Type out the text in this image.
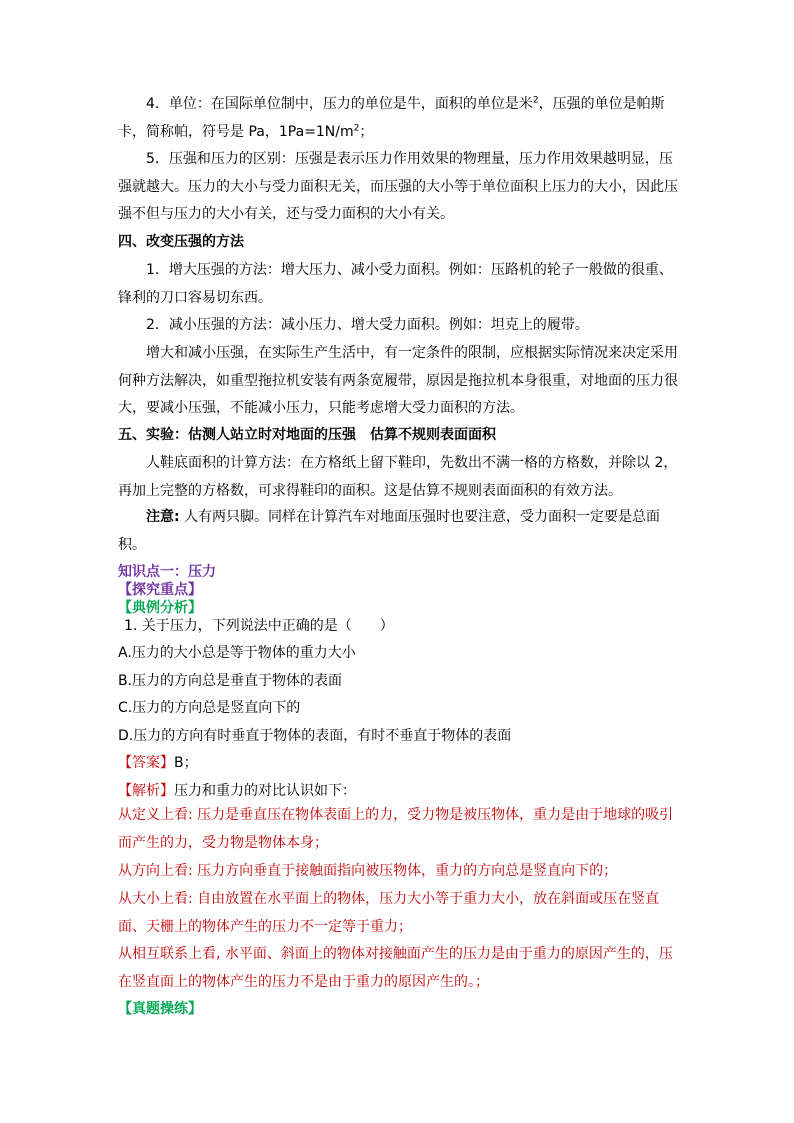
4．单位：在国际单位制中，压力的单位是牛，面积的单位是米$^2$，压强的单位是帕斯卡，简称帕，符号是 Pa，$1Pa=1N/m^2$；

5．压强和压力的区别：压强是表示压力作用效果的物理量，压力作用效果越明显，压强就越大。压力的大小与受力面积无关，而压强的大小等于单位面积上压力的大小，因此压强不但与压力的大小有关，还与受力面积的大小有关。

四、改变压强的方法

1．增大压强的方法：增大压力、减小受力面积。例如：压路机的轮子一般做的很重、锋利的刀口容易切东西。

2．减小压强的方法：减小压力、增大受力面积。例如：坦克上的履带。

增大和减小压强，在实际生产生活中，有一定条件的限制，应根据实际情况来决定采用何种方法解决，如重型拖拉机安装有两条宽履带，原因是拖拉机本身很重，对地面的压力很大，要减小压强，不能减小压力，只能考虑增大受力面积的方法。

五、实验：估测人站立时对地面的压强　估算不规则表面面积

人鞋底面积的计算方法：在方格纸上留下鞋印，先数出不满一格的方格数，并除以 2，再加上完整的方格数，可求得鞋印的面积。这是估算不规则表面面积的有效方法。

注意: 人有两只脚。同样在计算汽车对地面压强时也要注意，受力面积一定要是总面积。

知识点一：压力
【探究重点】
【典例分析】
1. 关于压力，下列说法中正确的是（　　）
A.压力的大小总是等于物体的重力大小
B.压力的方向总是垂直于物体的表面
C.压力的方向总是竖直向下的
D.压力的方向有时垂直于物体的表面，有时不垂直于物体的表面
【答案】B；
【解析】压力和重力的对比认识如下：

从定义上看: 压力是垂直压在物体表面上的力，受力物是被压物体，重力是由于地球的吸引而产生的力，受力物是物体本身；

从方向上看: 压力方向垂直于接触面指向被压物体，重力的方向总是竖直向下的；

从大小上看: 自由放置在水平面上的物体，压力大小等于重力大小，放在斜面或压在竖直面、天栅上的物体产生的压力不一定等于重力；

从相互联系上看, 水平面、斜面上的物体对接触面产生的压力是由于重力的原因产生的，压在竖直面上的物体产生的压力不是由于重力的原因产生的。；

【真题操练】
